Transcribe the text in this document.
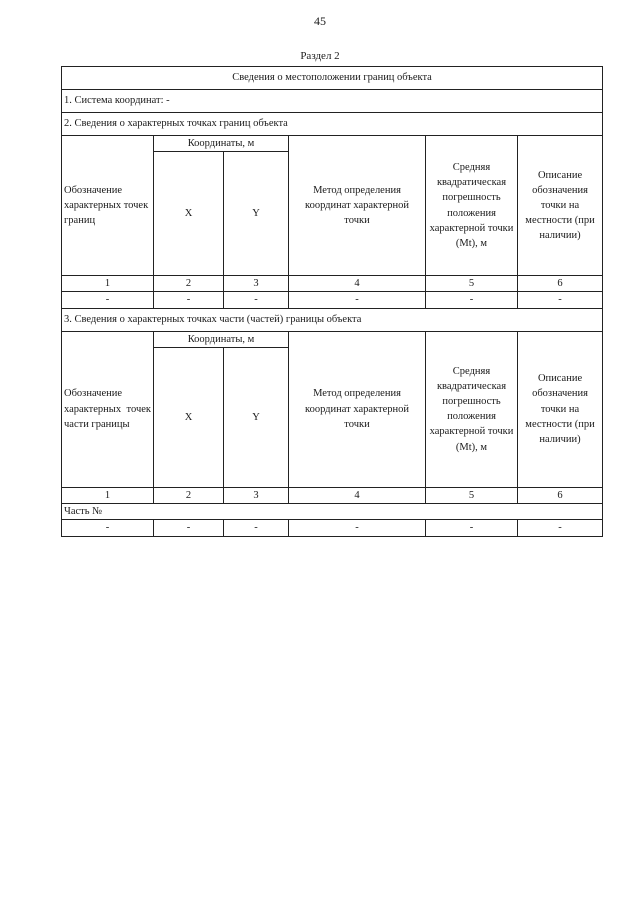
45
Раздел 2
Сведения о местоположении границ объекта					
1. Система координат: -					
2. Сведения о характерных точках границ объекта					
Обозначение характерных точек границ	Координаты, м		Метод определения координат характерной точки	Средняя квадратическая погрешность положения характерной точки (Mt), м	Описание обозначения точки на местности (при наличии)
	X	Y			
1	2	3	4	5	6
-	-	-	-	-	-
3. Сведения о характерных точках части (частей) границы объекта					
Обозначение характерных точек части границы	Координаты, м		Метод определения координат характерной точки	Средняя квадратическая погрешность положения характерной точки (Mt), м	Описание обозначения точки на местности (при наличии)
	X	Y			
1	2	3	4	5	6
Часть №					
-	-	-	-	-	-
